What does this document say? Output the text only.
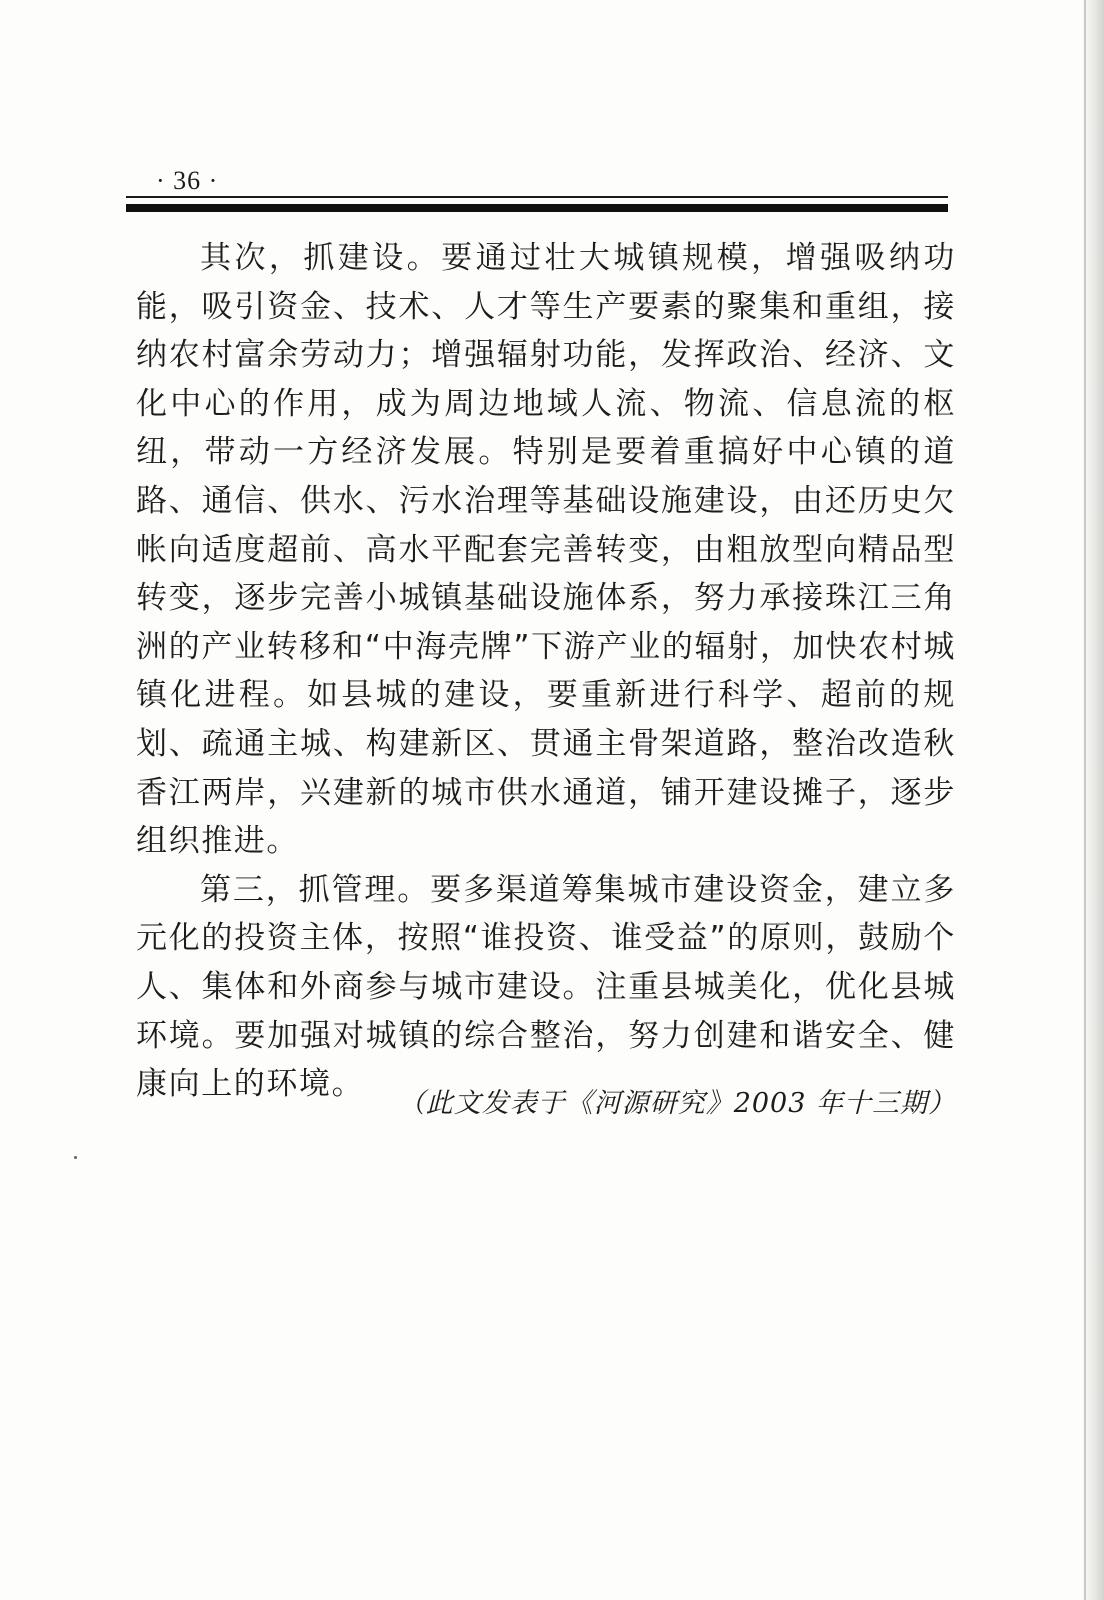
· 36 ·

其次，抓建设。要通过壮大城镇规模，增强吸纳功能，吸引资金、技术、人才等生产要素的聚集和重组，接纳农村富余劳动力；增强辐射功能，发挥政治、经济、文化中心的作用，成为周边地域人流、物流、信息流的枢纽，带动一方经济发展。特别是要着重搞好中心镇的道路、通信、供水、污水治理等基础设施建设，由还历史欠帐向适度超前、高水平配套完善转变，由粗放型向精品型转变，逐步完善小城镇基础设施体系，努力承接珠江三角洲的产业转移和“中海壳牌”下游产业的辐射，加快农村城镇化进程。如县城的建设，要重新进行科学、超前的规划、疏通主城、构建新区、贯通主骨架道路，整治改造秋香江两岸，兴建新的城市供水通道，铺开建设摊子，逐步组织推进。

第三，抓管理。要多渠道筹集城市建设资金，建立多元化的投资主体，按照“谁投资、谁受益”的原则，鼓励个人、集体和外商参与城市建设。注重县城美化，优化县城环境。要加强对城镇的综合整治，努力创建和谐安全、健康向上的环境。

（此文发表于《河源研究》2003 年十三期）
